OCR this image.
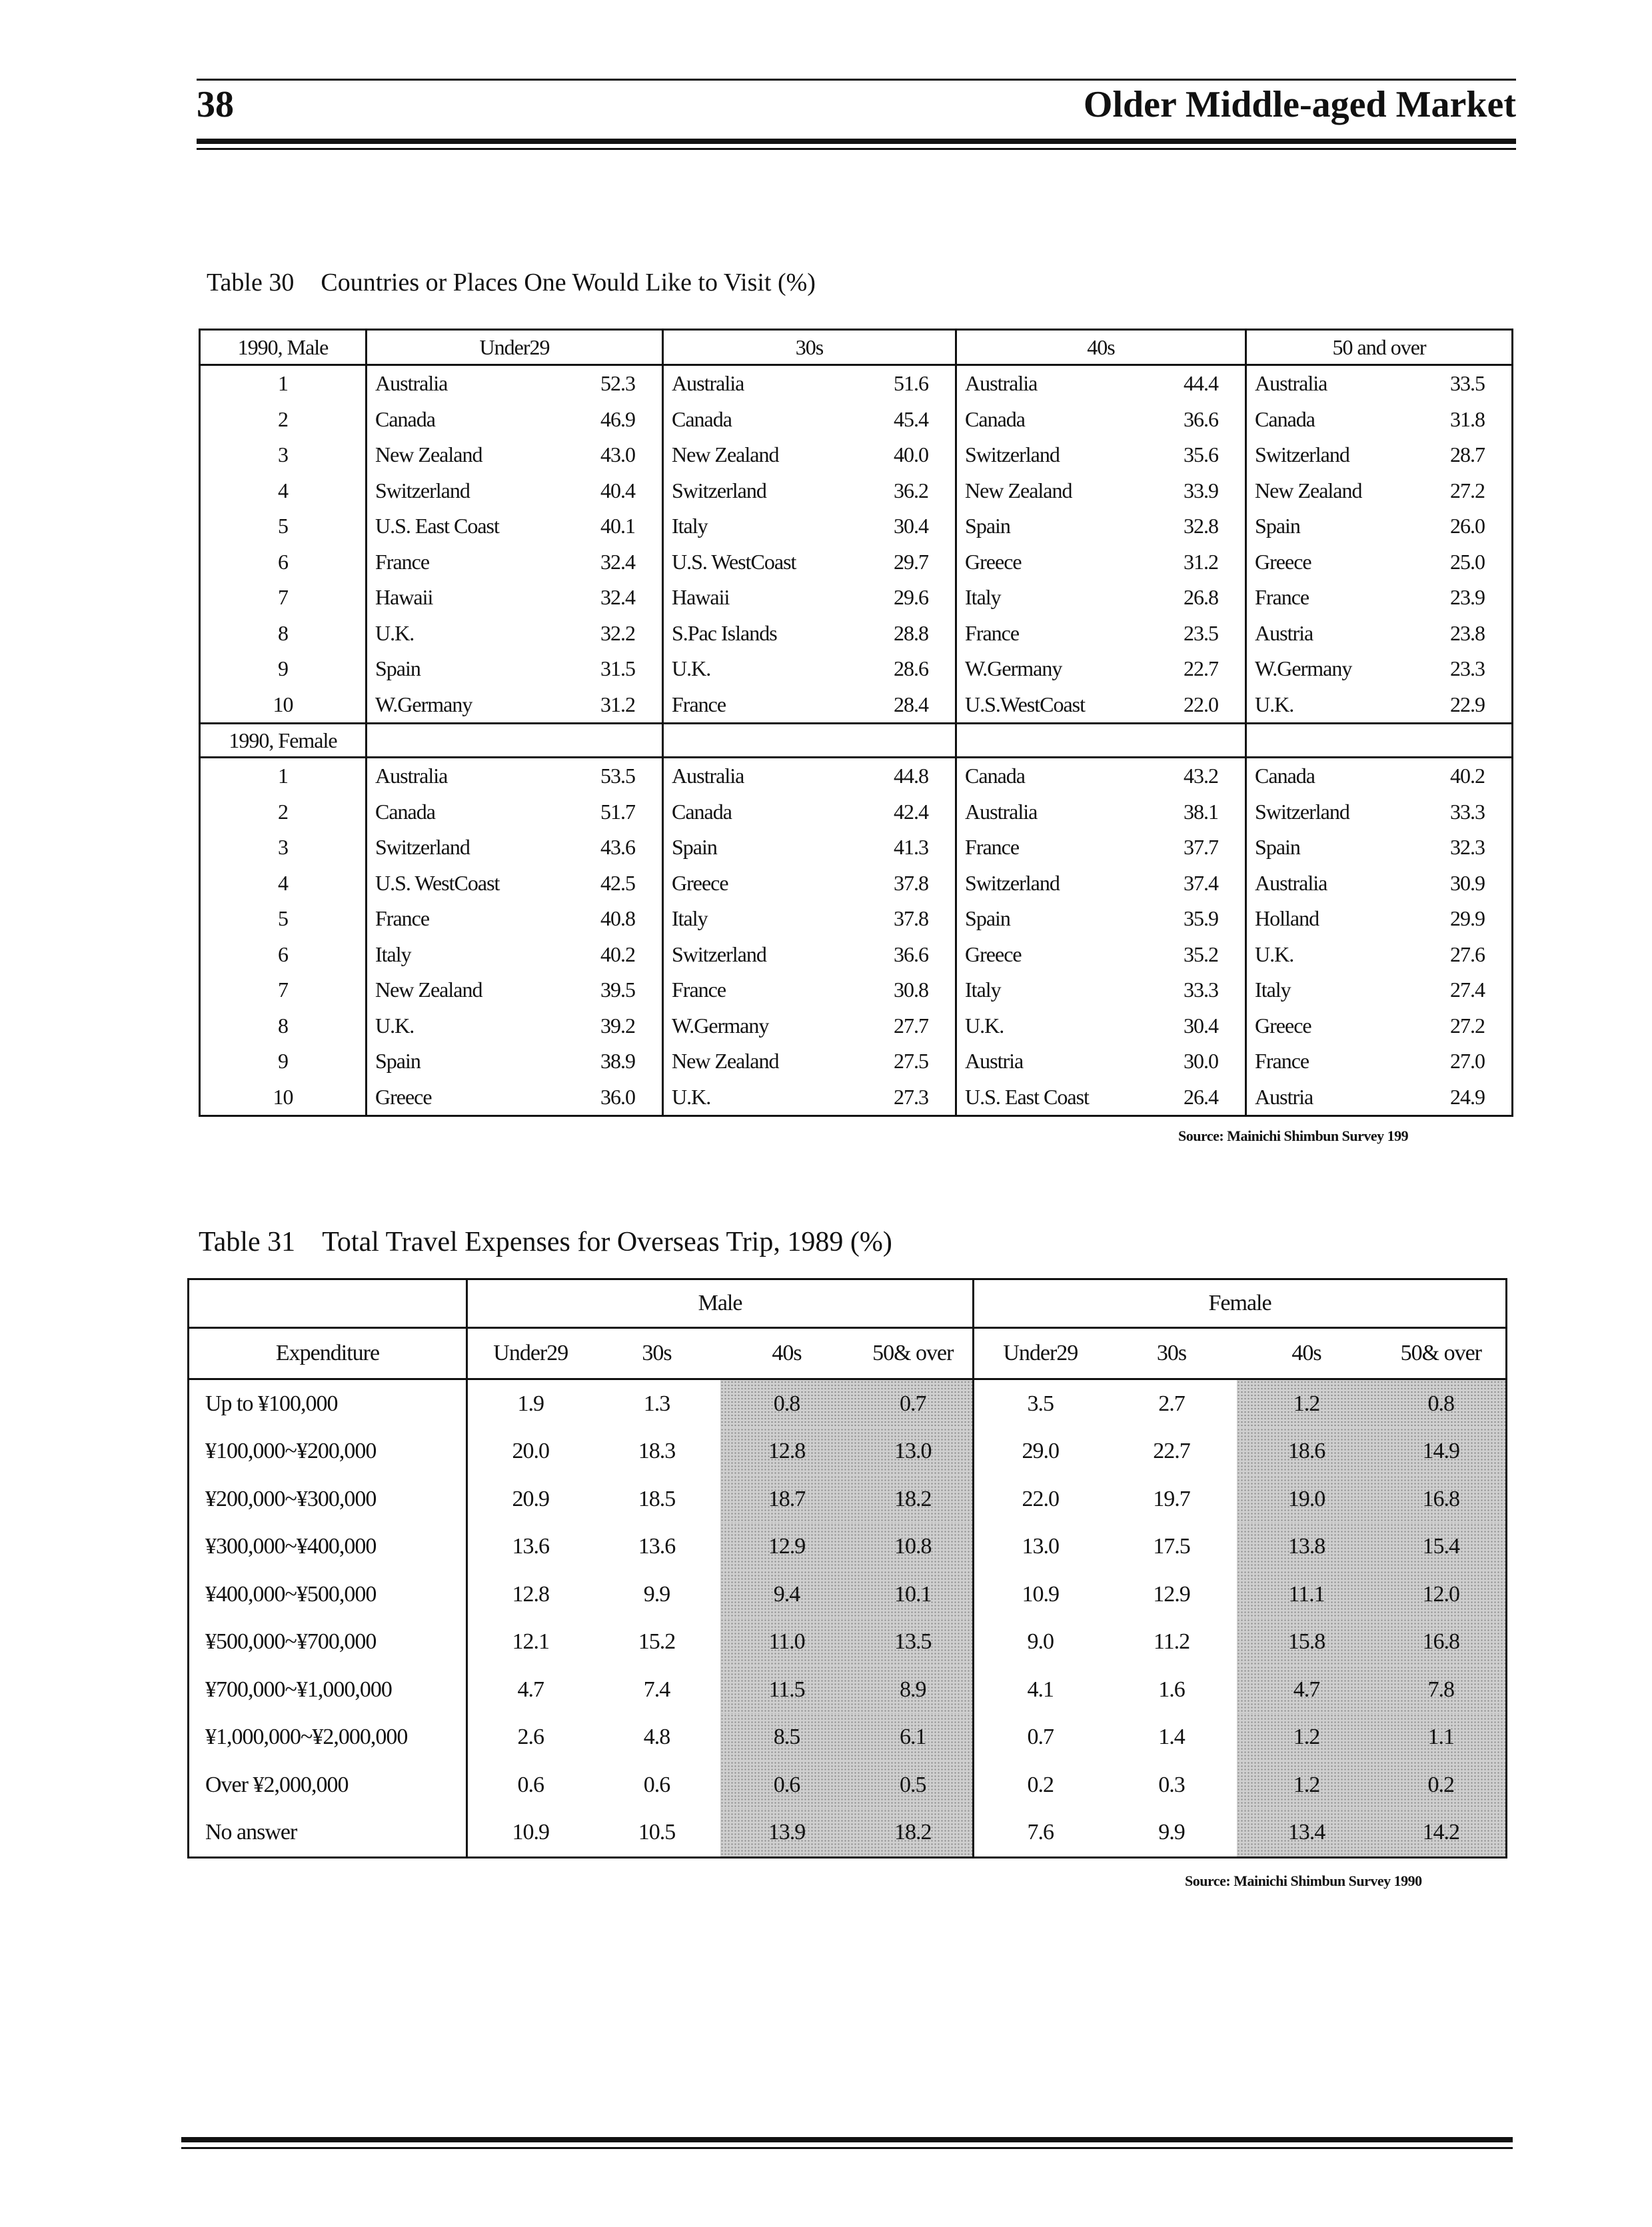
38	Older Middle-aged Market
Table 30 Countries or Places One Would Like to Visit (%)
1990, Male	Under29		30s		40s		50 and over	
1	Australia	52.3	Australia	51.6	Australia	44.4	Australia	33.5
2	Canada	46.9	Canada	45.4	Canada	36.6	Canada	31.8
3	New Zealand	43.0	New Zealand	40.0	Switzerland	35.6	Switzerland	28.7
4	Switzerland	40.4	Switzerland	36.2	New Zealand	33.9	New Zealand	27.2
5	U.S. East Coast	40.1	Italy	30.4	Spain	32.8	Spain	26.0
6	France	32.4	U.S. WestCoast	29.7	Greece	31.2	Greece	25.0
7	Hawaii	32.4	Hawaii	29.6	Italy	26.8	France	23.9
8	U.K.	32.2	S.Pac Islands	28.8	France	23.5	Austria	23.8
9	Spain	31.5	U.K.	28.6	W.Germany	22.7	W.Germany	23.3
10	W.Germany	31.2	France	28.4	U.S.WestCoast	22.0	U.K.	22.9
1990, Female								
1	Australia	53.5	Australia	44.8	Canada	43.2	Canada	40.2
2	Canada	51.7	Canada	42.4	Australia	38.1	Switzerland	33.3
3	Switzerland	43.6	Spain	41.3	France	37.7	Spain	32.3
4	U.S. WestCoast	42.5	Greece	37.8	Switzerland	37.4	Australia	30.9
5	France	40.8	Italy	37.8	Spain	35.9	Holland	29.9
6	Italy	40.2	Switzerland	36.6	Greece	35.2	U.K.	27.6
7	New Zealand	39.5	France	30.8	Italy	33.3	Italy	27.4
8	U.K.	39.2	W.Germany	27.7	U.K.	30.4	Greece	27.2
9	Spain	38.9	New Zealand	27.5	Austria	30.0	France	27.0
10	Greece	36.0	U.K.	27.3	U.S. East Coast	26.4	Austria	24.9
Source: Mainichi Shimbun Survey 199
Table 31 Total Travel Expenses for Overseas Trip, 1989 (%)
	Male				Female			
Expenditure	Under29	30s	40s	50& over	Under29	30s	40s	50& over
Up to ¥100,000	1.9	1.3	0.8	0.7	3.5	2.7	1.2	0.8
¥100,000~¥200,000	20.0	18.3	12.8	13.0	29.0	22.7	18.6	14.9
¥200,000~¥300,000	20.9	18.5	18.7	18.2	22.0	19.7	19.0	16.8
¥300,000~¥400,000	13.6	13.6	12.9	10.8	13.0	17.5	13.8	15.4
¥400,000~¥500,000	12.8	9.9	9.4	10.1	10.9	12.9	11.1	12.0
¥500,000~¥700,000	12.1	15.2	11.0	13.5	9.0	11.2	15.8	16.8
¥700,000~¥1,000,000	4.7	7.4	11.5	8.9	4.1	1.6	4.7	7.8
¥1,000,000~¥2,000,000	2.6	4.8	8.5	6.1	0.7	1.4	1.2	1.1
Over ¥2,000,000	0.6	0.6	0.6	0.5	0.2	0.3	1.2	0.2
No answer	10.9	10.5	13.9	18.2	7.6	9.9	13.4	14.2
Source: Mainichi Shimbun Survey 1990
